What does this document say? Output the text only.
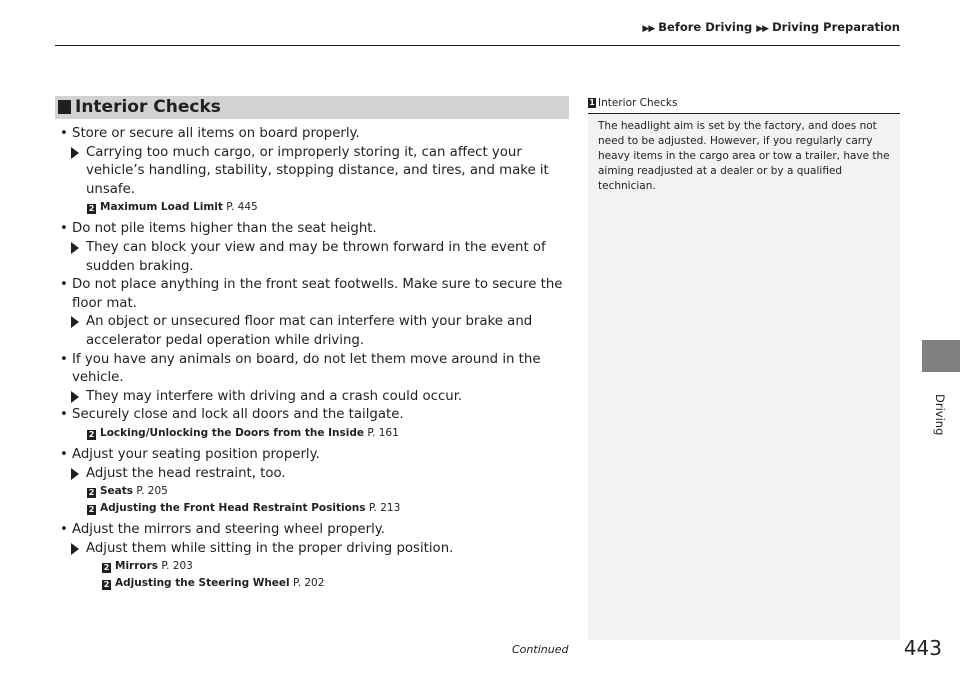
▶▶ Before Driving ▶▶ Driving Preparation
Driving
Interior Checks
• Store or secure all items on board properly.
Carrying too much cargo, or improperly storing it, can affect your vehicle’s handling, stability, stopping distance, and tires, and make it unsafe.
2 Maximum Load Limit P. 445
• Do not pile items higher than the seat height.
They can block your view and may be thrown forward in the event of sudden braking.
• Do not place anything in the front seat footwells. Make sure to secure the floor mat.
An object or unsecured floor mat can interfere with your brake and accelerator pedal operation while driving.
• If you have any animals on board, do not let them move around in the vehicle.
They may interfere with driving and a crash could occur.
• Securely close and lock all doors and the tailgate.
2 Locking/Unlocking the Doors from the Inside P. 161
• Adjust your seating position properly.
Adjust the head restraint, too.
2 Seats P. 205
2 Adjusting the Front Head Restraint Positions P. 213
• Adjust the mirrors and steering wheel properly.
Adjust them while sitting in the proper driving position.
2 Mirrors P. 203
2 Adjusting the Steering Wheel P. 202
1 Interior Checks
The headlight aim is set by the factory, and does not need to be adjusted. However, if you regularly carry heavy items in the cargo area or tow a trailer, have the aiming readjusted at a dealer or by a qualified technician.
Continued	443
